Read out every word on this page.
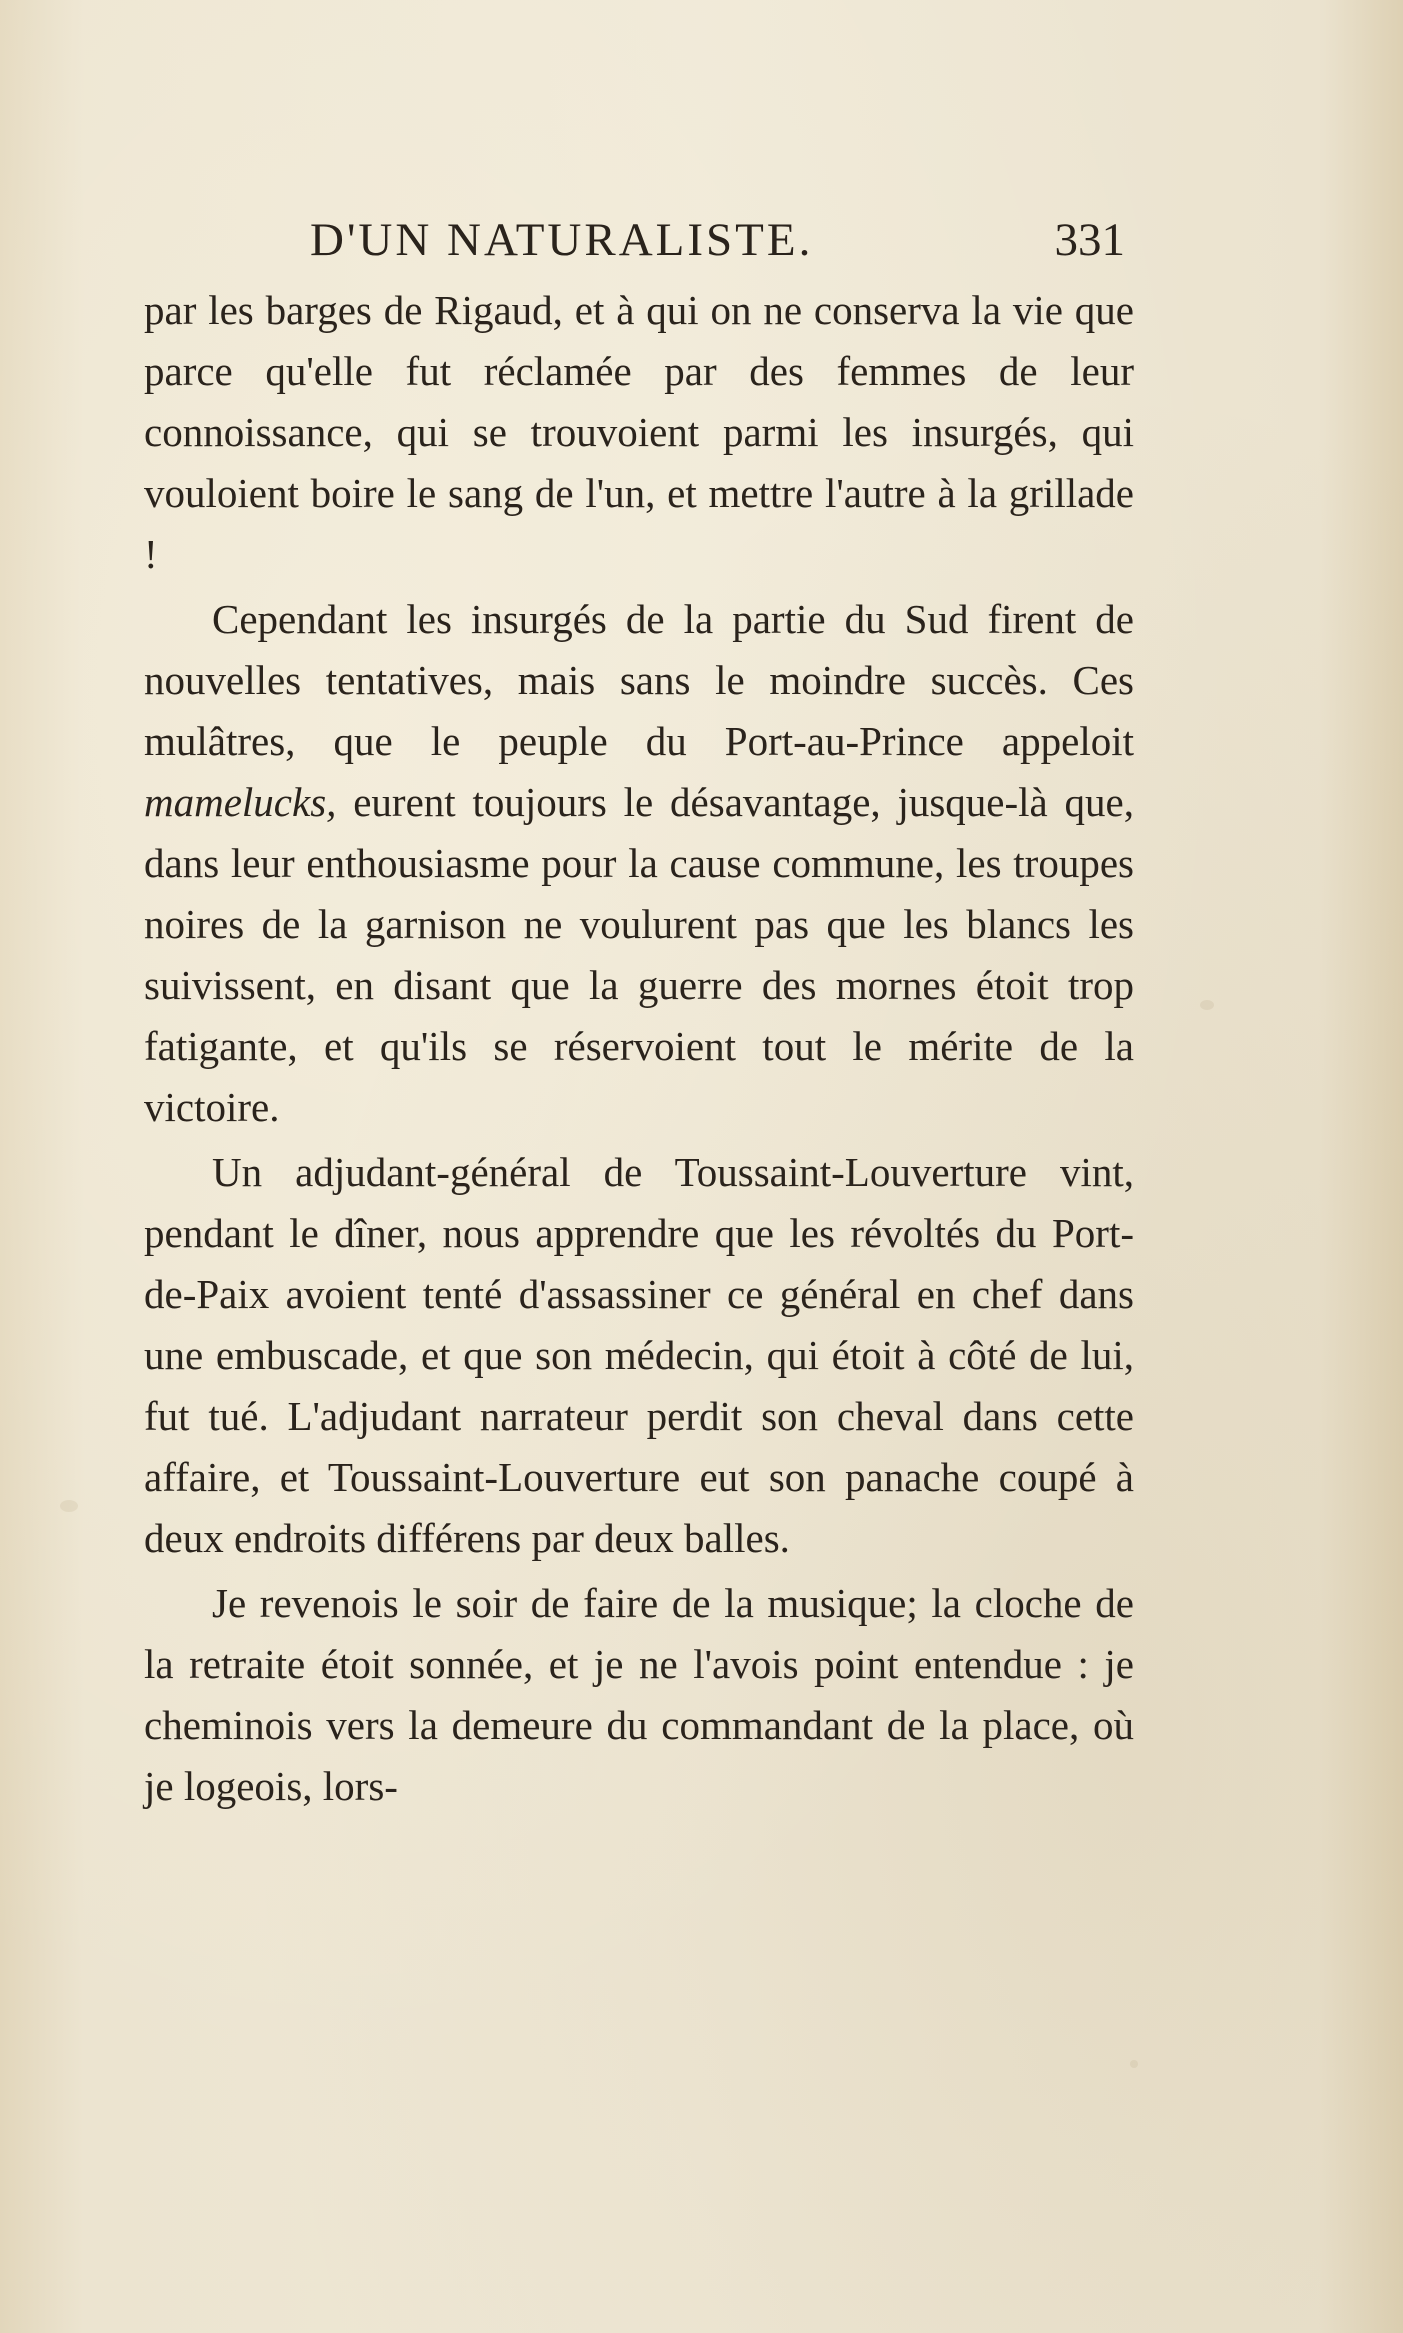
D'UN NATURALISTE.	331

par les barges de Rigaud, et à qui on ne conserva la vie que parce qu'elle fut réclamée par des femmes de leur connoissance, qui se trouvoient parmi les insurgés, qui vouloient boire le sang de l'un, et mettre l'autre à la grillade !

Cependant les insurgés de la partie du Sud firent de nouvelles tentatives, mais sans le moindre succès. Ces mulâtres, que le peuple du Port-au-Prince appeloit mamelucks, eurent toujours le désavantage, jusque-là que, dans leur enthousiasme pour la cause commune, les troupes noires de la garnison ne voulurent pas que les blancs les suivissent, en disant que la guerre des mornes étoit trop fatigante, et qu'ils se réservoient tout le mérite de la victoire.

Un adjudant-général de Toussaint-Louverture vint, pendant le dîner, nous apprendre que les révoltés du Port-de-Paix avoient tenté d'assassiner ce général en chef dans une embuscade, et que son médecin, qui étoit à côté de lui, fut tué. L'adjudant narrateur perdit son cheval dans cette affaire, et Toussaint-Louverture eut son panache coupé à deux endroits différens par deux balles.

Je revenois le soir de faire de la musique; la cloche de la retraite étoit sonnée, et je ne l'avois point entendue : je cheminois vers la demeure du commandant de la place, où je logeois, lors-
